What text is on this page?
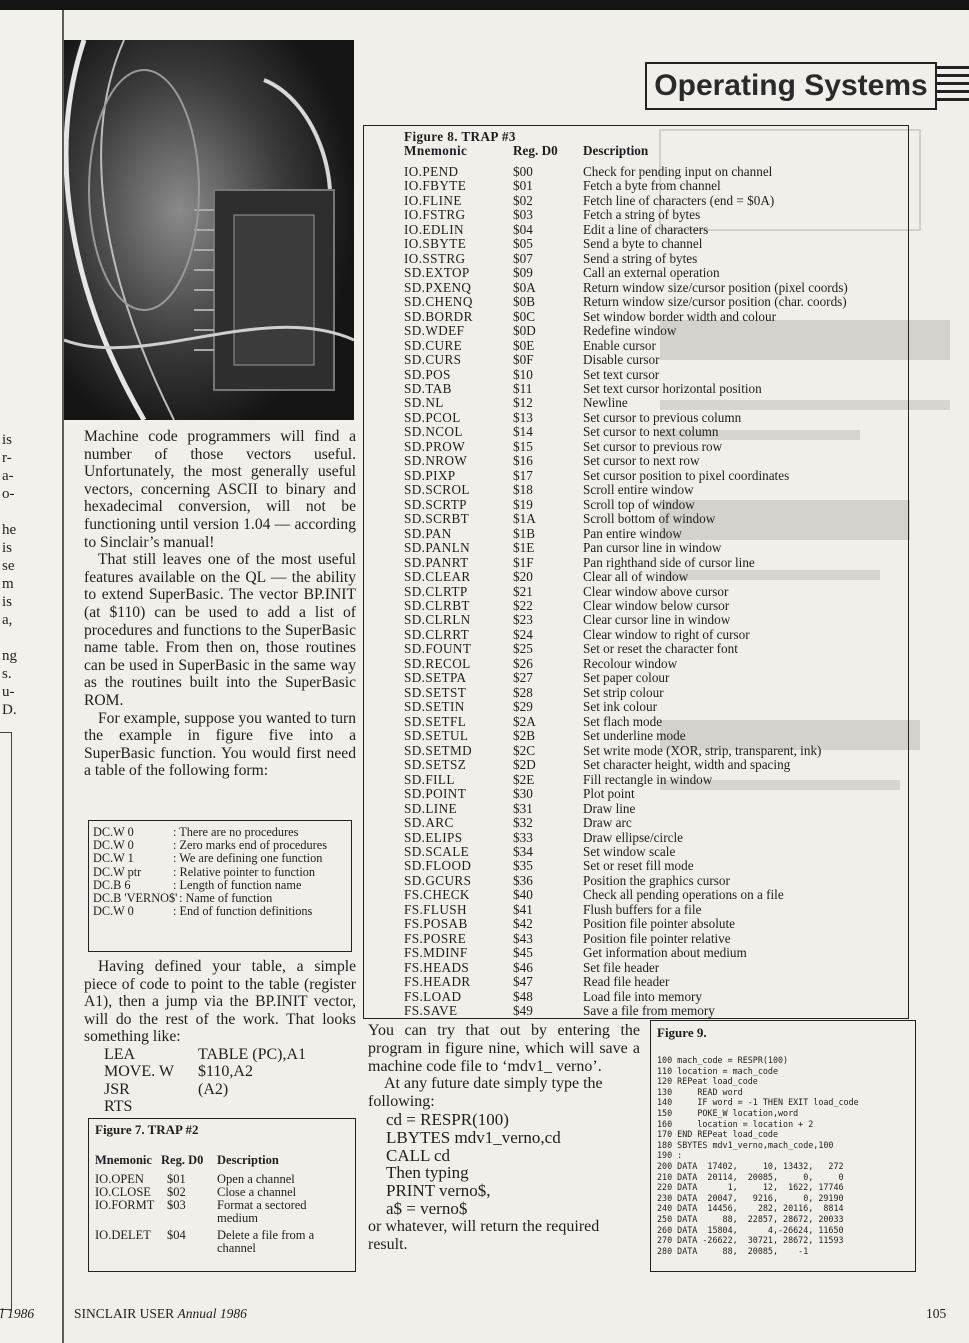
is
r-
a-
o-
he
is
se
m
is
a,
ng
s.
u-
D.
l 1986
Operating Systems

Machine code programmers will find a number of those vectors useful. Unfortunately, the most generally useful vectors, concerning ASCII to binary and hexadecimal conversion, will not be functioning until version 1.04 — according to Sinclair’s manual!

That still leaves one of the most useful features available on the QL — the ability to extend SuperBasic. The vector BP.INIT (at $110) can be used to add a list of procedures and functions to the SuperBasic name table. From then on, those routines can be used in SuperBasic in the same way as the routines built into the SuperBasic ROM.

For example, suppose you wanted to turn the example in figure five into a SuperBasic function. You would first need a table of the following form:

DC.W 0	: There are no procedures
DC.W 0	: Zero marks end of procedures
DC.W 1	: We are defining one function
DC.W ptr	: Relative pointer to function
DC.B 6	: Length of function name
DC.B 'VERNO$' : Name of function
DC.W 0	: End of function definitions

Having defined your table, a simple piece of code to point to the table (register A1), then a jump via the BP.INIT vector, will do the rest of the work. That looks something like:

LEA	TABLE (PC),A1
MOVE. W	$110,A2
JSR	(A2)
RTS
Figure 7. TRAP #2
Mnemonic Reg. D0	Description
IO.OPEN	$01	Open a channel
IO.CLOSE	$02	Close a channel
IO.FORMT	$03	Format a sectored medium
IO.DELET	$04	Delete a file from a channel
Figure 8. TRAP #3
Mnemonic	Reg. D0	Description
IO.PEND	$00	Check for pending input on channel
IO.FBYTE	$01	Fetch a byte from channel
IO.FLINE	$02	Fetch line of characters (end = $0A)
IO.FSTRG	$03	Fetch a string of bytes
IO.EDLIN	$04	Edit a line of characters
IO.SBYTE	$05	Send a byte to channel
IO.SSTRG	$07	Send a string of bytes
SD.EXTOP	$09	Call an external operation
SD.PXENQ	$0A	Return window size/cursor position (pixel coords)
SD.CHENQ	$0B	Return window size/cursor position (char. coords)
SD.BORDR	$0C	Set window border width and colour
SD.WDEF	$0D	Redefine window
SD.CURE	$0E	Enable cursor
SD.CURS	$0F	Disable cursor
SD.POS	$10	Set text cursor
SD.TAB	$11	Set text cursor horizontal position
SD.NL	$12	Newline
SD.PCOL	$13	Set cursor to previous column
SD.NCOL	$14	Set cursor to next column
SD.PROW	$15	Set cursor to previous row
SD.NROW	$16	Set cursor to next row
SD.PIXP	$17	Set cursor position to pixel coordinates
SD.SCROL	$18	Scroll entire window
SD.SCRTP	$19	Scroll top of window
SD.SCRBT	$1A	Scroll bottom of window
SD.PAN	$1B	Pan entire window
SD.PANLN	$1E	Pan cursor line in window
SD.PANRT	$1F	Pan righthand side of cursor line
SD.CLEAR	$20	Clear all of window
SD.CLRTP	$21	Clear window above cursor
SD.CLRBT	$22	Clear window below cursor
SD.CLRLN	$23	Clear cursor line in window
SD.CLRRT	$24	Clear window to right of cursor
SD.FOUNT	$25	Set or reset the character font
SD.RECOL	$26	Recolour window
SD.SETPA	$27	Set paper colour
SD.SETST	$28	Set strip colour
SD.SETIN	$29	Set ink colour
SD.SETFL	$2A	Set flach mode
SD.SETUL	$2B	Set underline mode
SD.SETMD	$2C	Set write mode (XOR, strip, transparent, ink)
SD.SETSZ	$2D	Set character height, width and spacing
SD.FILL	$2E	Fill rectangle in window
SD.POINT	$30	Plot point
SD.LINE	$31	Draw line
SD.ARC	$32	Draw arc
SD.ELIPS	$33	Draw ellipse/circle
SD.SCALE	$34	Set window scale
SD.FLOOD	$35	Set or reset fill mode
SD.GCURS	$36	Position the graphics cursor
FS.CHECK	$40	Check all pending operations on a file
FS.FLUSH	$41	Flush buffers for a file
FS.POSAB	$42	Position file pointer absolute
FS.POSRE	$43	Position file pointer relative
FS.MDINF	$45	Get information about medium
FS.HEADS	$46	Set file header
FS.HEADR	$47	Read file header
FS.LOAD	$48	Load file into memory
FS.SAVE	$49	Save a file from memory

You can try that out by entering the program in figure nine, which will save a machine code file to ‘mdv1_ verno’.

At any future date simply type the following:

cd = RESPR(100)
LBYTES mdv1_verno,cd
CALL cd
Then typing
PRINT verno$,
a$ = verno$

or whatever, will return the required result.

Figure 9.
100 mach_code = RESPR(100)
110 location = mach_code
120 REPeat load_code
130     READ word
140     IF word = -1 THEN EXIT load_code
150     POKE_W location,word
160     location = location + 2
170 END REPeat load_code
180 SBYTES mdv1_verno,mach_code,100
190 :
200 DATA  17402,     10, 13432,   272
210 DATA  20114,  20085,     0,     0
220 DATA      1,     12,  1622, 17746
230 DATA  20047,   9216,     0, 29190
240 DATA  14456,    282, 20116,  8814
250 DATA     88,  22857, 28672, 20033
260 DATA  15804,      4,-26624, 11650
270 DATA -26622,  30721, 28672, 11593
280 DATA     88,  20085,    -1
SINCLAIR USER Annual 1986	105
